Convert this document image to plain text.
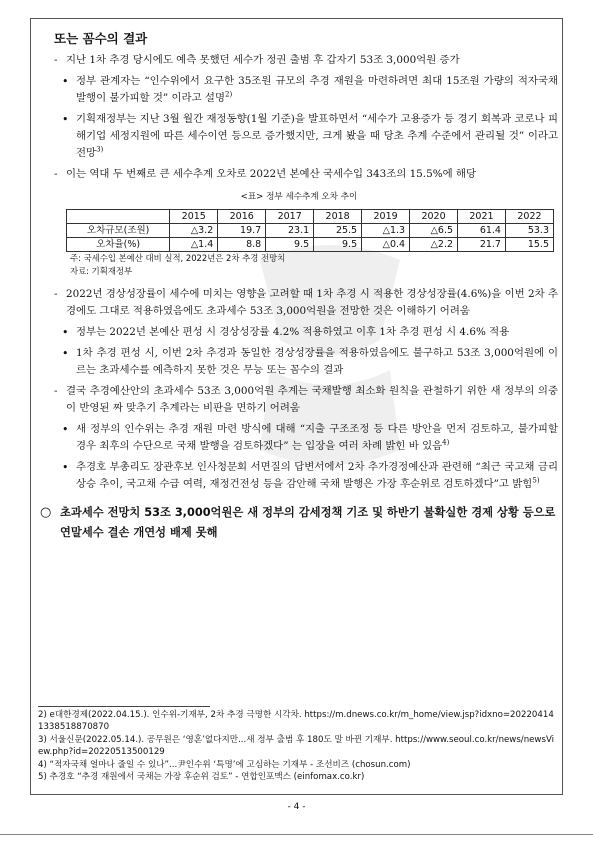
또는 꼼수의 결과
- 지난 1차 추경 당시에도 예측 못했던 세수가 정권 출범 후 갑자기 53조 3,000억원 증가
• 정부 관계자는 “인수위에서 요구한 35조원 규모의 추경 재원을 마련하려면 최대 15조원 가량의 적자국채 발행이 불가피할 것” 이라고 설명$^{2)}$
• 기획재정부는 지난 3월 월간 재정동향(1월 기준)을 발표하면서 “세수가 고용증가 등 경기 회복과 코로나 피해기업 세정지원에 따른 세수이연 등으로 증가했지만, 크게 봤을 때 당초 추계 수준에서 관리될 것” 이라고 전망$^{3)}$
- 이는 역대 두 번째로 큰 세수추계 오차로 2022년 본예산 국세수입 343조의 15.5%에 해당
<표> 정부 세수추계 오차 추이
	2015	2016	2017	2018	2019	2020	2021	2022
오차규모(조원)	△3.2	19.7	23.1	25.5	△1.3	△6.5	61.4	53.3
오차율(%)	△1.4	8.8	9.5	9.5	△0.4	△2.2	21.7	15.5
주: 국세수입 본예산 대비 실적, 2022년은 2차 추경 전망치
자료: 기획재정부
- 2022년 경상성장률이 세수에 미치는 영향을 고려할 때 1차 추경 시 적용한 경상성장률(4.6%)을 이번 2차 추경에도 그대로 적용하였음에도 초과세수 53조 3,000억원을 전망한 것은 이해하기 어려움
• 정부는 2022년 본예산 편성 시 경상성장률 4.2% 적용하였고 이후 1차 추경 편성 시 4.6% 적용
• 1차 추경 편성 시, 이번 2차 추경과 동일한 경상성장률을 적용하였음에도 불구하고 53조 3,000억원에 이르는 초과세수를 예측하지 못한 것은 무능 또는 꼼수의 결과
- 결국 추경예산안의 초과세수 53조 3,000억원 추계는 국채발행 최소화 원칙을 관철하기 위한 새 정부의 의중이 반영된 짜 맞추기 추계라는 비판을 면하기 어려움
• 새 정부의 인수위는 추경 재원 마련 방식에 대해 “지출 구조조정 등 다른 방안을 먼저 검토하고, 불가피할 경우 최후의 수단으로 국채 발행을 검토하겠다” 는 입장을 여러 차례 밝힌 바 있음$^{4)}$
• 추경호 부총리도 장관후보 인사청문회 서면질의 답변서에서 2차 추가경정예산과 관련해 “최근 국고채 금리 상승 추이, 국고채 수급 여력, 재정건전성 등을 감안해 국채 발행은 가장 후순위로 검토하겠다”고 밝힘$^{5)}$
○ 초과세수 전망치 53조 3,000억원은 새 정부의 감세정책 기조 및 하반기 불확실한 경제 상황 등으로 연말세수 결손 개연성 배제 못해
2) e대한경제(2022.04.15.). 인수위-기재부, 2차 추경 극명한 시각차. https://m.dnews.co.kr/m_home/view.jsp?idxno=202204141338518870870
3) 서울신문(2022.05.14.). 공무원은 ‘영혼’없다지만...새 정부 출범 후 180도 말 바뀐 기재부. https://www.seoul.co.kr/news/newsView.php?id=20220513500129
4) “적자국채 얼마나 줄일 수 있나”...尹인수위 ‘특명’에 고심하는 기재부 - 조선비즈 (chosun.com)
5) 추경호 “추경 재원에서 국채는 가장 후순위 검토” - 연합인포맥스 (einfomax.co.kr)
- 4 -
